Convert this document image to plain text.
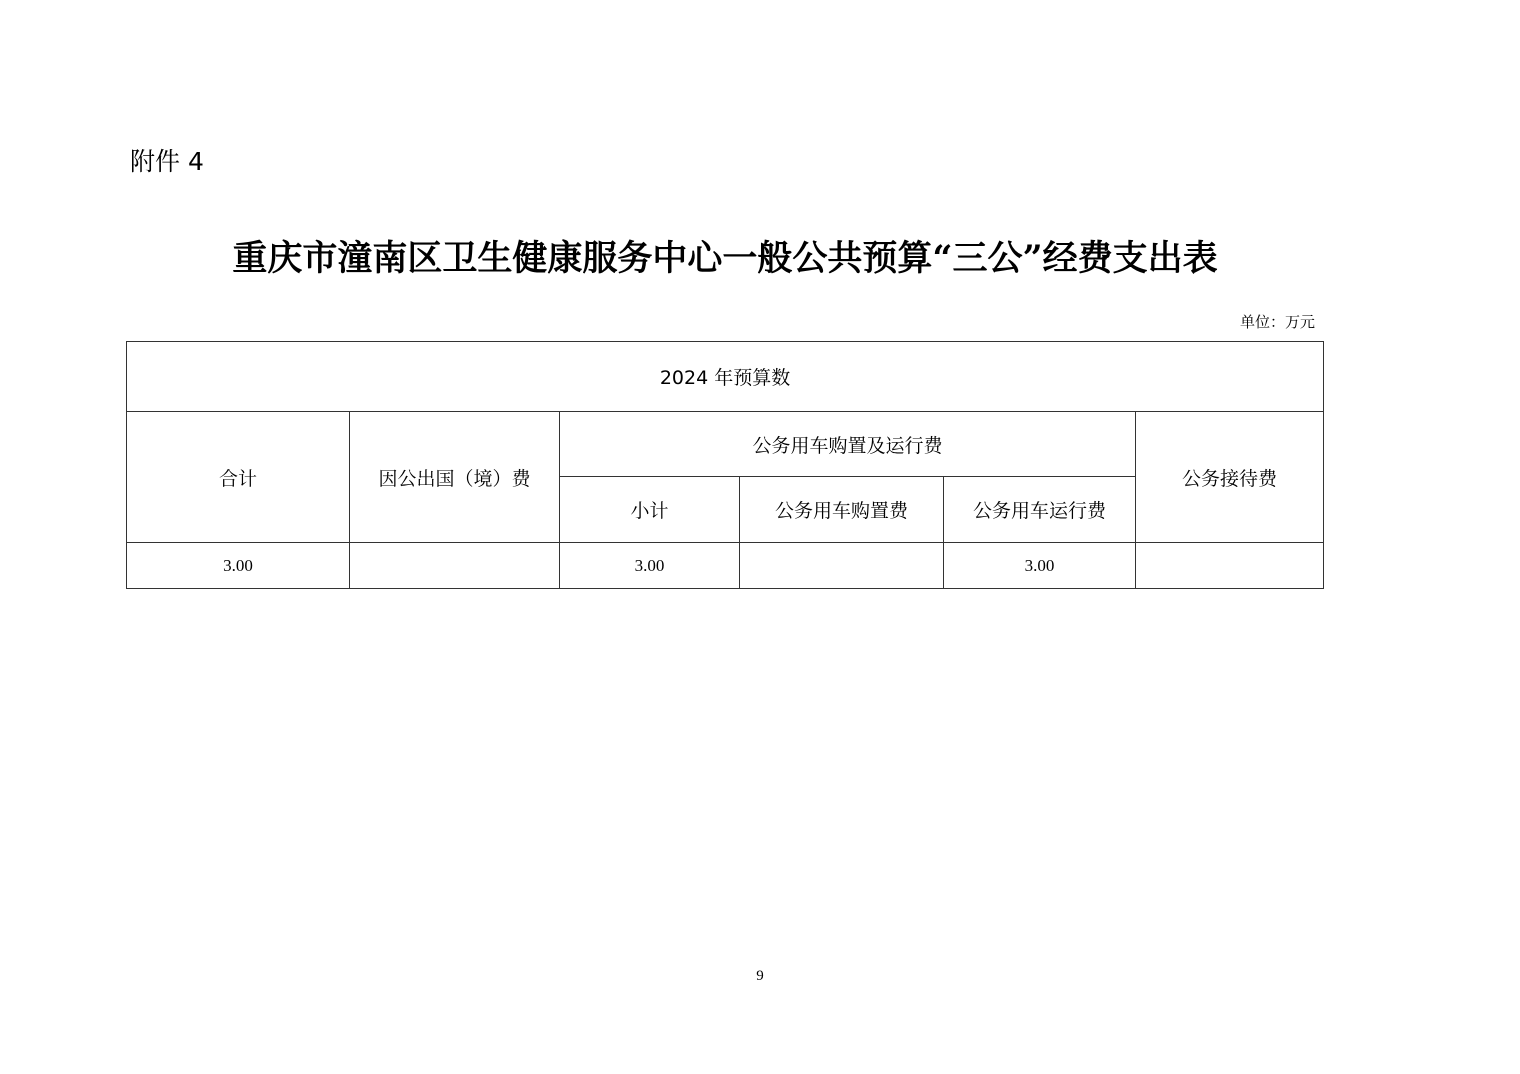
附件 4
重庆市潼南区卫生健康服务中心一般公共预算“三公”经费支出表
单位：万元
2024 年预算数					
合计	因公出国（境）费	公务用车购置及运行费			公务接待费
		小计	公务用车购置费	公务用车运行费	
3.00		3.00		3.00	
9
